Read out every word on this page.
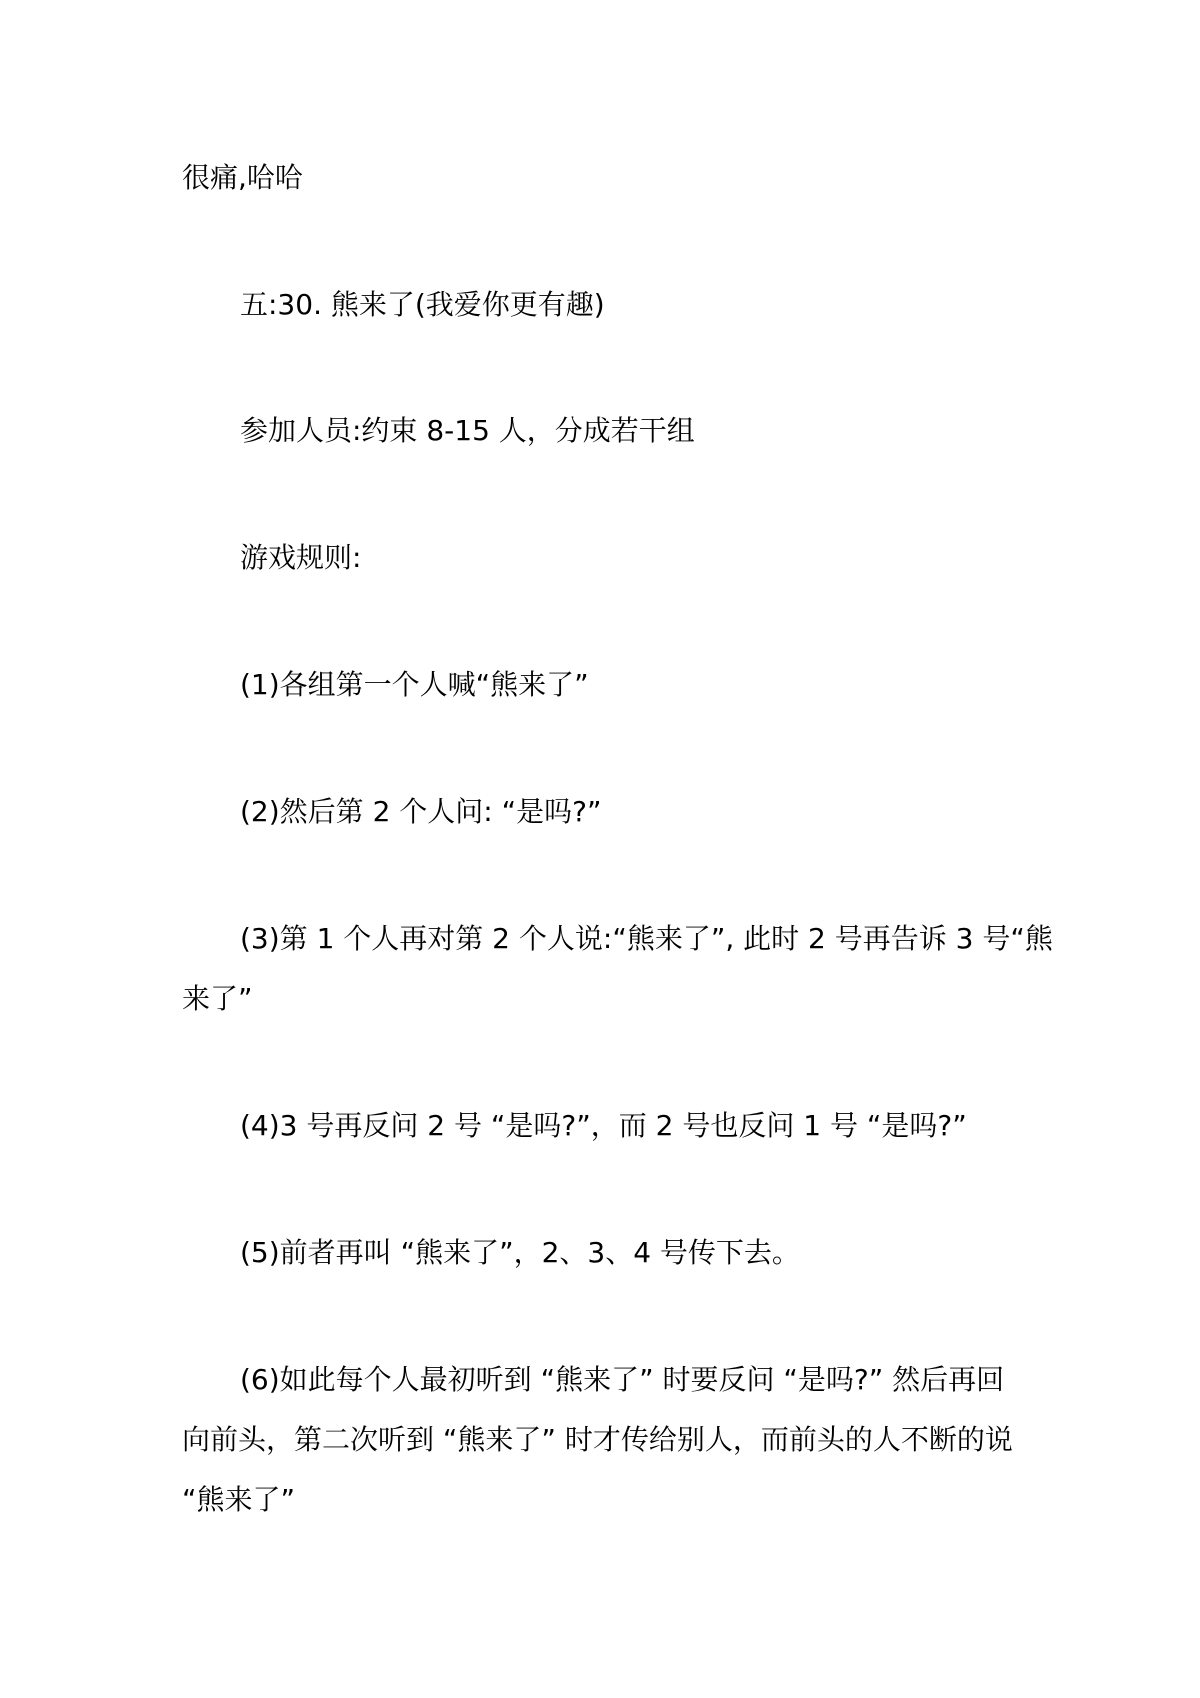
很痛,哈哈

五:30. 熊来了(我爱你更有趣)

参加人员:约束 8-15 人，分成若干组

游戏规则:

(1)各组第一个人喊“熊来了”

(2)然后第 2 个人问: “是吗?”

(3)第 1 个人再对第 2 个人说:“熊来了”, 此时 2 号再告诉 3 号“熊

来了”

(4)3 号再反问 2 号 “是吗?”，而 2 号也反问 1 号 “是吗?”

(5)前者再叫 “熊来了”，2、3、4 号传下去。

(6)如此每个人最初听到 “熊来了” 时要反问 “是吗?” 然后再回

向前头，第二次听到 “熊来了” 时才传给别人，而前头的人不断的说

“熊来了”
